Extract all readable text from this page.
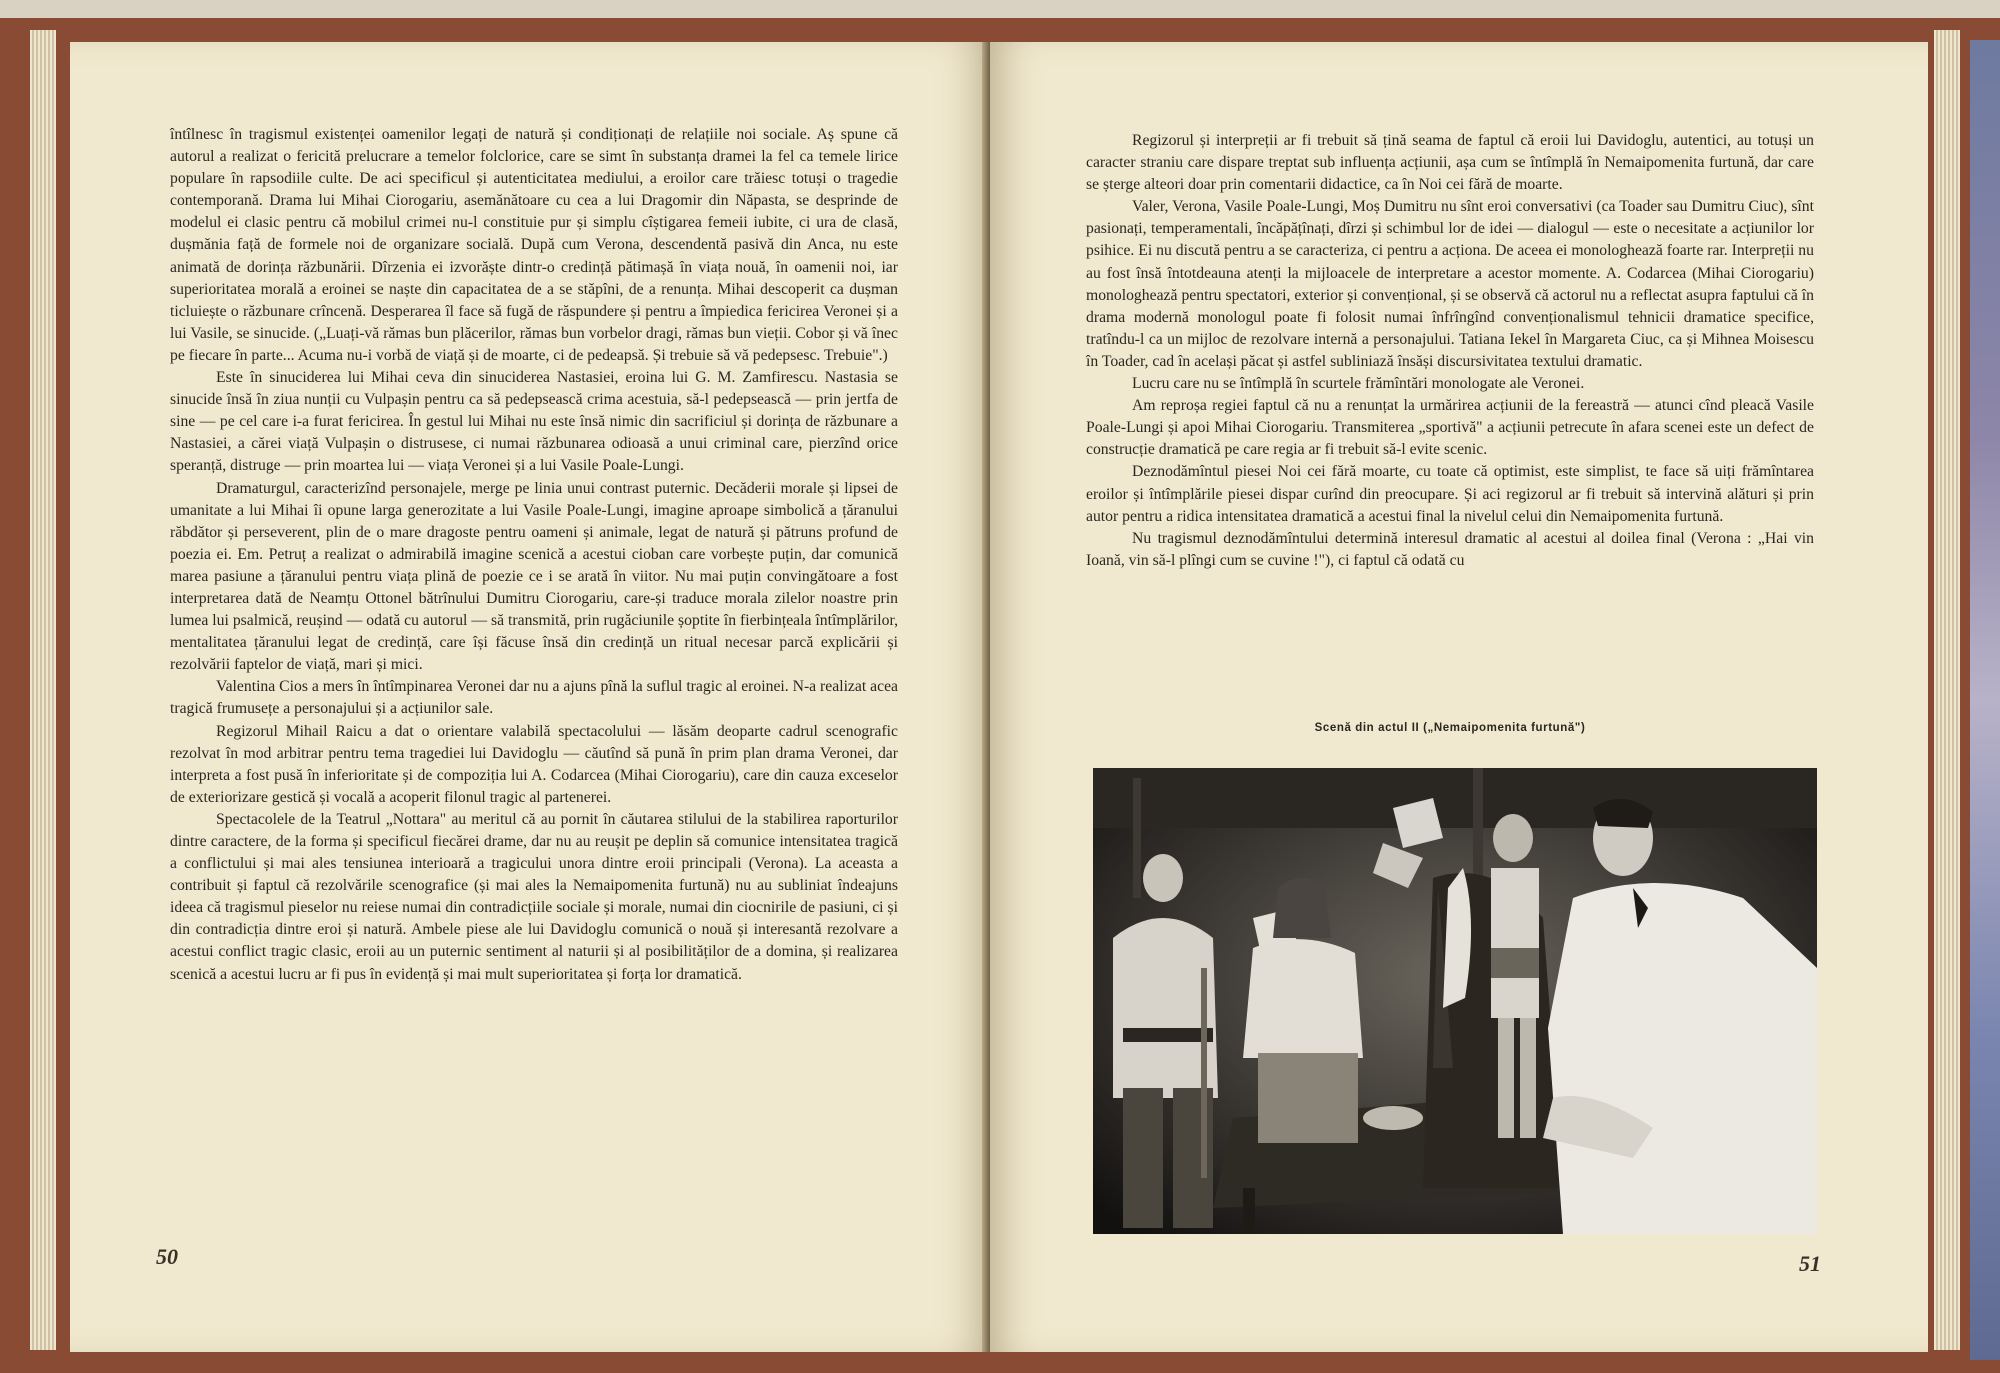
întîlnesc în tragismul existenței oamenilor legați de natură și condiționați de relațiile noi sociale. Aș spune că autorul a realizat o fericită prelucrare a temelor folclorice, care se simt în substanța dramei la fel ca temele lirice populare în rapsodiile culte. De aci specificul și autenticitatea mediului, a eroilor care trăiesc totuși o tragedie contemporană. Drama lui Mihai Ciorogariu, asemănătoare cu cea a lui Dragomir din Năpasta, se desprinde de modelul ei clasic pentru că mobilul crimei nu-l constituie pur și simplu cîștigarea femeii iubite, ci ura de clasă, dușmănia față de formele noi de organizare socială. După cum Verona, descendentă pasivă din Anca, nu este animată de dorința răzbunării. Dîrzenia ei izvorăște dintr-o credință pătimașă în viața nouă, în oamenii noi, iar superioritatea morală a eroinei se naște din capacitatea de a se stăpîni, de a renunța. Mihai descoperit ca dușman ticluiește o răzbunare crîncenă. Desperarea îl face să fugă de răspundere și pentru a împiedica fericirea Veronei și a lui Vasile, se sinucide. („Luați-vă rămas bun plăcerilor, rămas bun vorbelor dragi, rămas bun vieții. Cobor și vă înec pe fiecare în parte... Acuma nu-i vorbă de viață și de moarte, ci de pedeapsă. Și trebuie să vă pedepsesc. Trebuie".)

Este în sinuciderea lui Mihai ceva din sinuciderea Nastasiei, eroina lui G. M. Zamfirescu. Nastasia se sinucide însă în ziua nunții cu Vulpașin pentru ca să pedepsească crima acestuia, să-l pedepsească — prin jertfa de sine — pe cel care i-a furat fericirea. În gestul lui Mihai nu este însă nimic din sacrificiul și dorința de răzbunare a Nastasiei, a cărei viață Vulpașin o distrusese, ci numai răzbunarea odioasă a unui criminal care, pierzînd orice speranță, distruge — prin moartea lui — viața Veronei și a lui Vasile Poale-Lungi.

Dramaturgul, caracterizînd personajele, merge pe linia unui contrast puternic. Decăderii morale și lipsei de umanitate a lui Mihai îi opune larga generozitate a lui Vasile Poale-Lungi, imagine aproape simbolică a țăranului răbdător și perseverent, plin de o mare dragoste pentru oameni și animale, legat de natură și pătruns profund de poezia ei. Em. Petruț a realizat o admirabilă imagine scenică a acestui cioban care vorbește puțin, dar comunică marea pasiune a țăranului pentru viața plină de poezie ce i se arată în viitor. Nu mai puțin convingătoare a fost interpretarea dată de Neamțu Ottonel bătrînului Dumitru Ciorogariu, care-și traduce morala zilelor noastre prin lumea lui psalmică, reușind — odată cu autorul — să transmită, prin rugăciunile șoptite în fierbințeala întîmplărilor, mentalitatea țăranului legat de credință, care își făcuse însă din credință un ritual necesar parcă explicării și rezolvării faptelor de viață, mari și mici.

Valentina Cios a mers în întîmpinarea Veronei dar nu a ajuns pînă la suflul tragic al eroinei. N-a realizat acea tragică frumusețe a personajului și a acțiunilor sale.

Regizorul Mihail Raicu a dat o orientare valabilă spectacolului — lăsăm deoparte cadrul scenografic rezolvat în mod arbitrar pentru tema tragediei lui Davidoglu — căutînd să pună în prim plan drama Veronei, dar interpreta a fost pusă în inferioritate și de compoziția lui A. Codarcea (Mihai Ciorogariu), care din cauza exceselor de exteriorizare gestică și vocală a acoperit filonul tragic al partenerei.

Spectacolele de la Teatrul „Nottara" au meritul că au pornit în căutarea stilului de la stabilirea raporturilor dintre caractere, de la forma și specificul fiecărei drame, dar nu au reușit pe deplin să comunice intensitatea tragică a conflictului și mai ales tensiunea interioară a tragicului unora dintre eroii principali (Verona). La aceasta a contribuit și faptul că rezolvările scenografice (și mai ales la Nemaipomenita furtună) nu au subliniat îndeajuns ideea că tragismul pieselor nu reiese numai din contradicțiile sociale și morale, numai din ciocnirile de pasiuni, ci și din contradicția dintre eroi și natură. Ambele piese ale lui Davidoglu comunică o nouă și interesantă rezolvare a acestui conflict tragic clasic, eroii au un puternic sentiment al naturii și al posibilităților de a domina, și realizarea scenică a acestui lucru ar fi pus în evidență și mai mult superioritatea și forța lor dramatică.

50

Regizorul și interpreții ar fi trebuit să țină seama de faptul că eroii lui Davidoglu, autentici, au totuși un caracter straniu care dispare treptat sub influența acțiunii, așa cum se întîmplă în Nemaipomenita furtună, dar care se șterge alteori doar prin comentarii didactice, ca în Noi cei fără de moarte.

Valer, Verona, Vasile Poale-Lungi, Moș Dumitru nu sînt eroi conversativi (ca Toader sau Dumitru Ciuc), sînt pasionați, temperamentali, încăpățînați, dîrzi și schimbul lor de idei — dialogul — este o necesitate a acțiunilor lor psihice. Ei nu discută pentru a se caracteriza, ci pentru a acționa. De aceea ei monologhează foarte rar. Interpreții nu au fost însă întotdeauna atenți la mijloacele de interpretare a acestor momente. A. Codarcea (Mihai Ciorogariu) monologhează pentru spectatori, exterior și convențional, și se observă că actorul nu a reflectat asupra faptului că în drama modernă monologul poate fi folosit numai înfrîngînd convenționalismul tehnicii dramatice specifice, tratîndu-l ca un mijloc de rezolvare internă a personajului. Tatiana Iekel în Margareta Ciuc, ca și Mihnea Moisescu în Toader, cad în același păcat și astfel subliniază însăși discursivitatea textului dramatic.

Lucru care nu se întîmplă în scurtele frămîntări monologate ale Veronei.

Am reproșa regiei faptul că nu a renunțat la urmărirea acțiunii de la fereastră — atunci cînd pleacă Vasile Poale-Lungi și apoi Mihai Ciorogariu. Transmiterea „sportivă" a acțiunii petrecute în afara scenei este un defect de construcție dramatică pe care regia ar fi trebuit să-l evite scenic.

Deznodămîntul piesei Noi cei fără moarte, cu toate că optimist, este simplist, te face să uiți frămîntarea eroilor și întîmplările piesei dispar curînd din preocupare. Și aci regizorul ar fi trebuit să intervină alături și prin autor pentru a ridica intensitatea dramatică a acestui final la nivelul celui din Nemaipomenita furtună.

Nu tragismul deznodămîntului determină interesul dramatic al acestui al doilea final (Verona : „Hai vin Ioană, vin să-l plîngi cum se cuvine !"), ci faptul că odată cu

Scenă din actul II („Nemaipomenita furtună")
51
